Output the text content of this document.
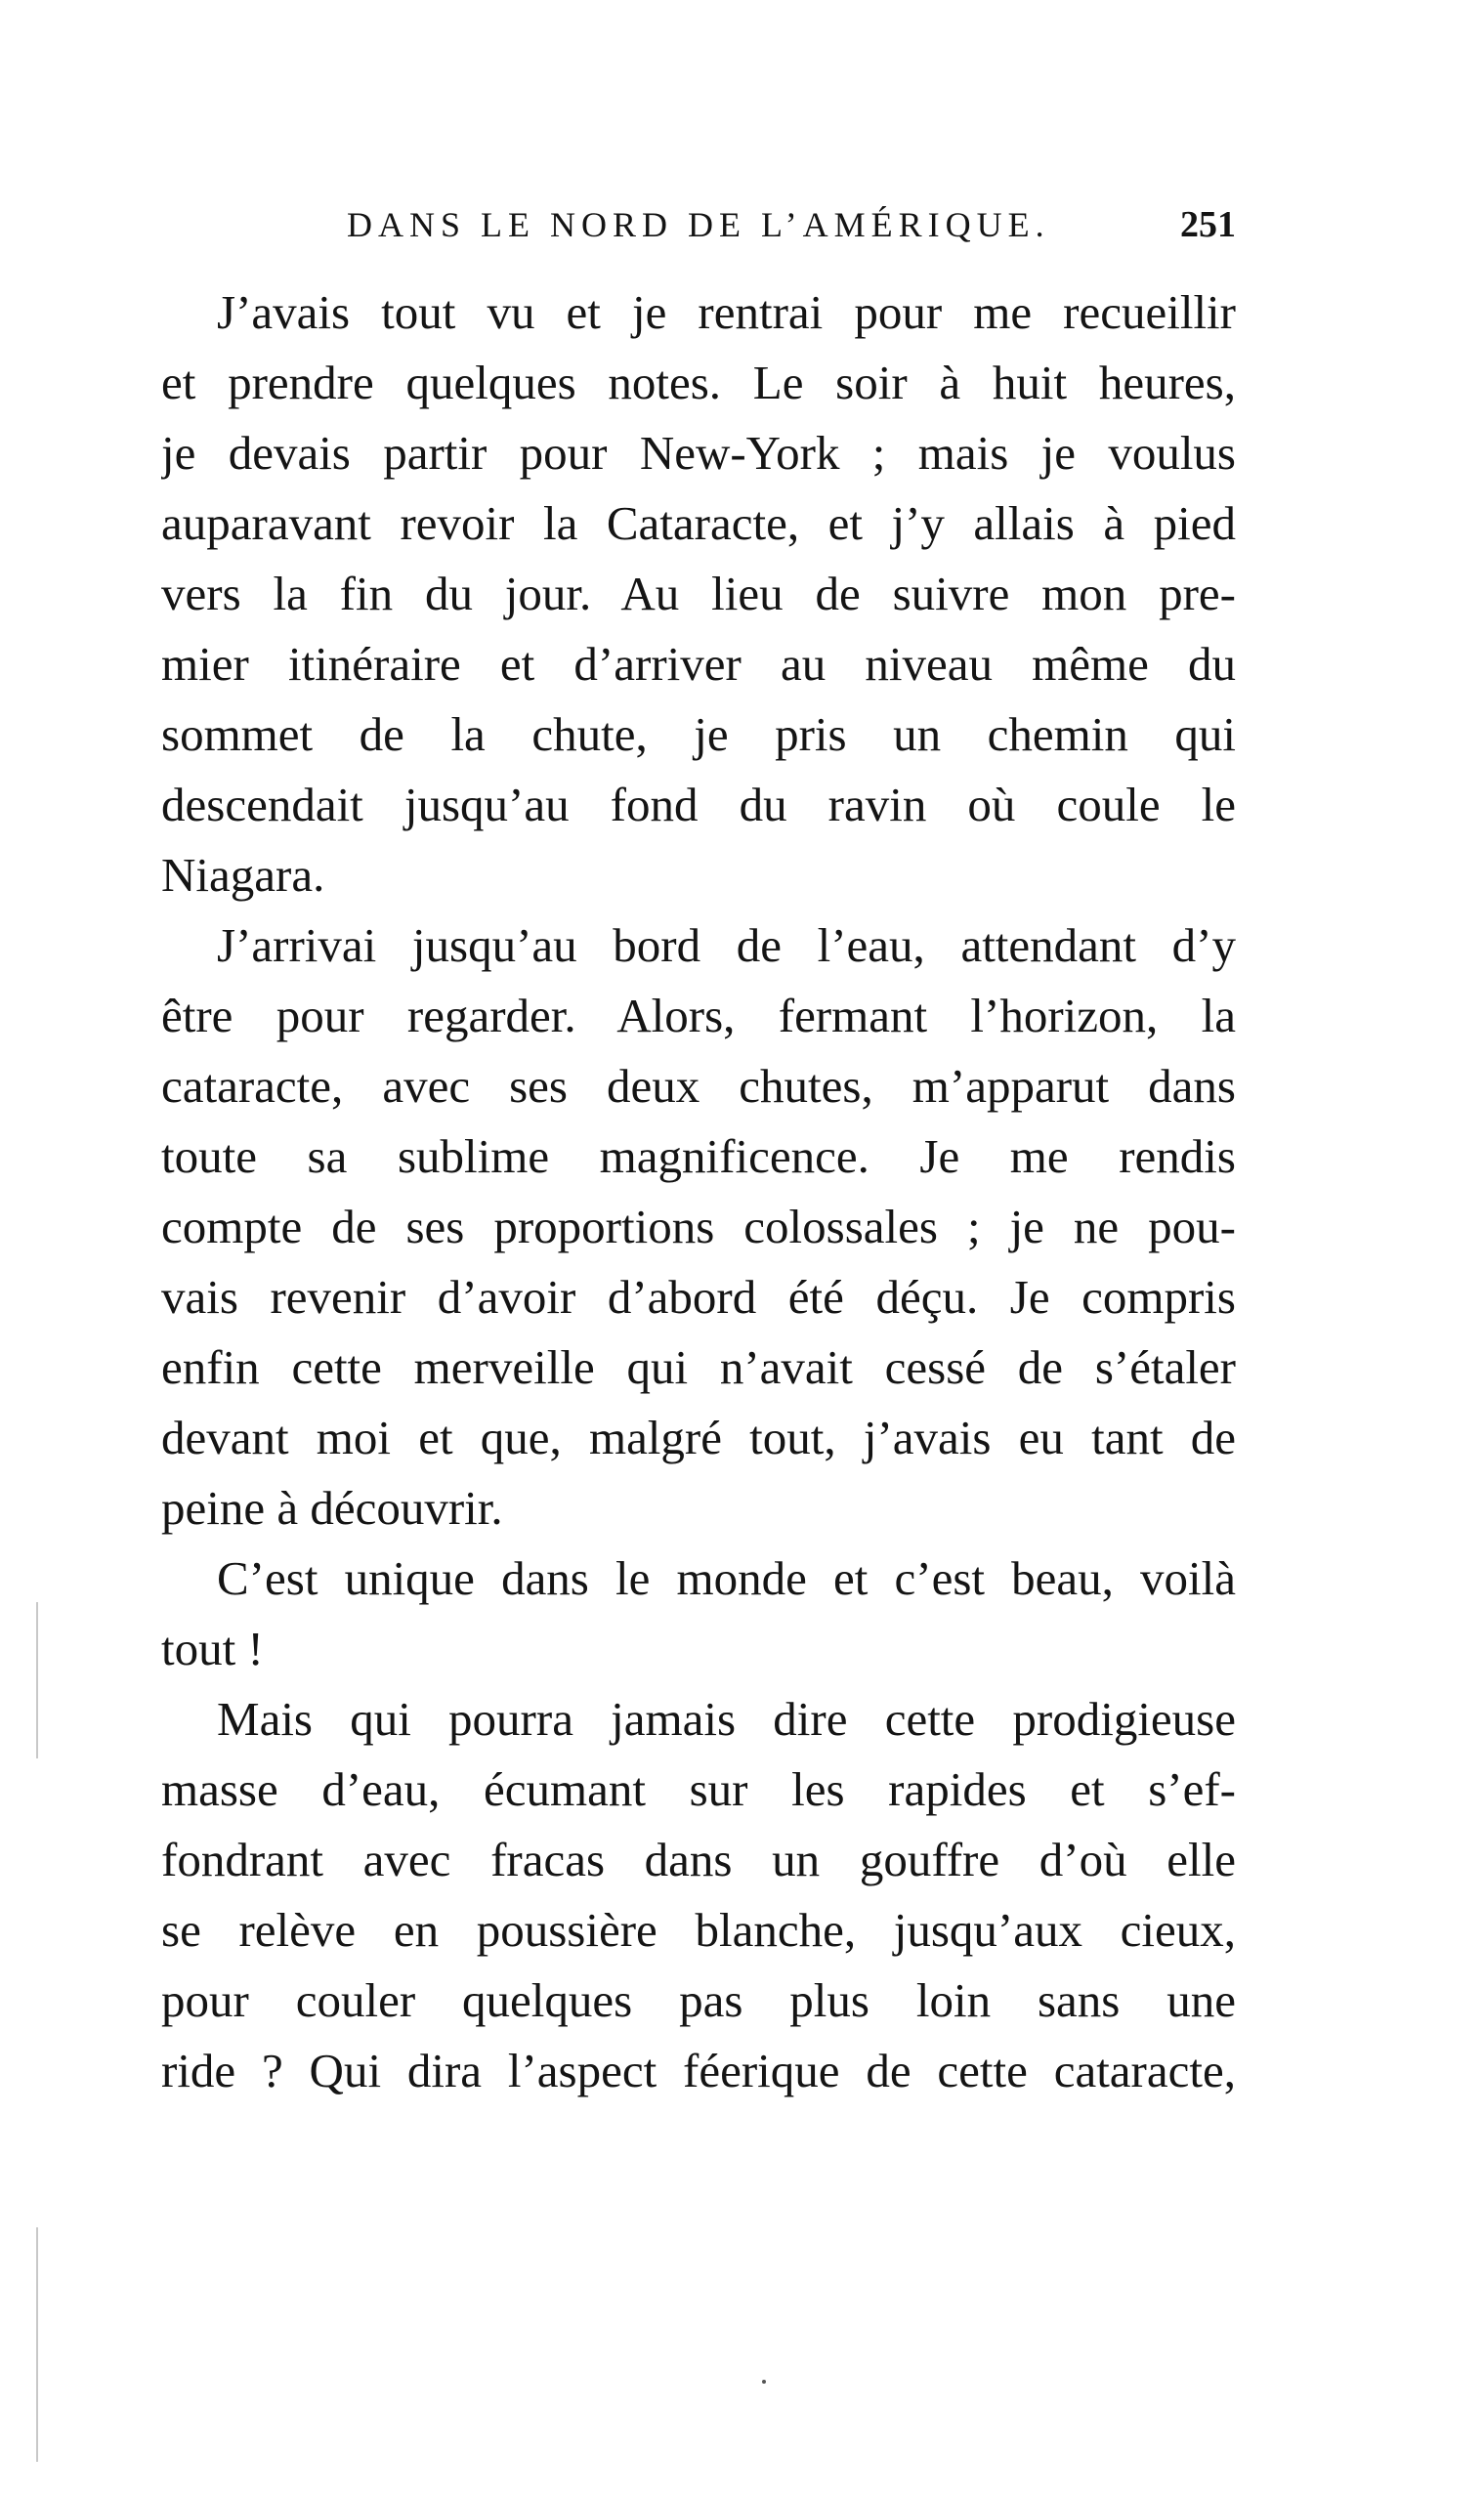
DANS LE NORD DE L’AMÉRIQUE.	251
J’avais tout vu et je rentrai pour me recueillir
et prendre quelques notes. Le soir à huit heures,
je devais partir pour New-York ; mais je voulus
auparavant revoir la Cataracte, et j’y allais à pied
vers la fin du jour. Au lieu de suivre mon pre-
mier itinéraire et d’arriver au niveau même du
sommet de la chute, je pris un chemin qui
descendait jusqu’au fond du ravin où coule le
Niagara.
J’arrivai jusqu’au bord de l’eau, attendant d’y
être pour regarder. Alors, fermant l’horizon, la
cataracte, avec ses deux chutes, m’apparut dans
toute sa sublime magnificence. Je me rendis
compte de ses proportions colossales ; je ne pou-
vais revenir d’avoir d’abord été déçu. Je compris
enfin cette merveille qui n’avait cessé de s’étaler
devant moi et que, malgré tout, j’avais eu tant de
peine à découvrir.
C’est unique dans le monde et c’est beau, voilà
tout !
Mais qui pourra jamais dire cette prodigieuse
masse d’eau, écumant sur les rapides et s’ef-
fondrant avec fracas dans un gouffre d’où elle
se relève en poussière blanche, jusqu’aux cieux,
pour couler quelques pas plus loin sans une
ride ? Qui dira l’aspect féerique de cette cataracte,
